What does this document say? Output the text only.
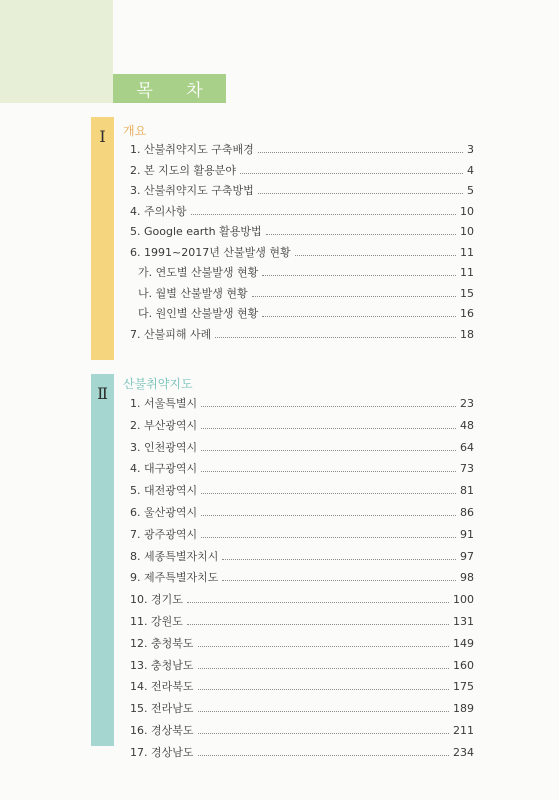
목 차
Ⅰ 개요
1. 산불취약지도 구축배경	3
2. 본 지도의 활용분야	4
3. 산불취약지도 구축방법	5
4. 주의사항	10
5. Google earth 활용방법	10
6. 1991~2017년 산불발생 현황	11
가. 연도별 산불발생 현황	11
나. 월별 산불발생 현황	15
다. 원인별 산불발생 현황	16
7. 산불피해 사례	18
Ⅱ 산불취약지도
1. 서울특별시	23
2. 부산광역시	48
3. 인천광역시	64
4. 대구광역시	73
5. 대전광역시	81
6. 울산광역시	86
7. 광주광역시	91
8. 세종특별자치시	97
9. 제주특별자치도	98
10. 경기도	100
11. 강원도	131
12. 충청북도	149
13. 충청남도	160
14. 전라북도	175
15. 전라남도	189
16. 경상북도	211
17. 경상남도	234
